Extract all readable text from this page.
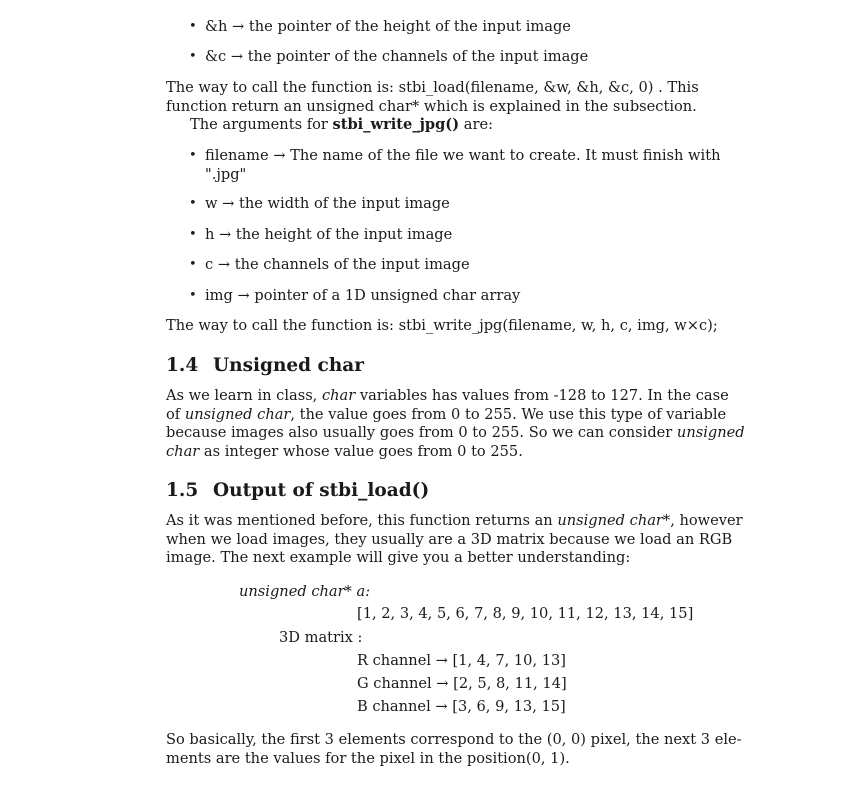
• &h → the pointer of the height of the input image
• &c → the pointer of the channels of the input image
The way to call the function is: stbi_load(filename, &w, &h, &c, 0) . This
function return an unsigned char* which is explained in the subsection.
The arguments for stbi_write_jpg() are:
• filename → The name of the file we want to create. It must finish with
".jpg"
• w → the width of the input image
• h → the height of the input image
• c → the channels of the input image
• img → pointer of a 1D unsigned char array
The way to call the function is: stbi_write_jpg(filename, w, h, c, img, w×c);
1.4 Unsigned char
As we learn in class, char variables has values from -128 to 127. In the case
of unsigned char, the value goes from 0 to 255. We use this type of variable
because images also usually goes from 0 to 255. So we can consider unsigned
char as integer whose value goes from 0 to 255.
1.5 Output of stbi_load()
As it was mentioned before, this function returns an unsigned char*, however
when we load images, they usually are a 3D matrix because we load an RGB
image. The next example will give you a better understanding:
unsigned char* a:
[1, 2, 3, 4, 5, 6, 7, 8, 9, 10, 11, 12, 13, 14, 15]
3D matrix :
R channel → [1, 4, 7, 10, 13]
G channel → [2, 5, 8, 11, 14]
B channel → [3, 6, 9, 13, 15]
So basically, the first 3 elements correspond to the (0, 0) pixel, the next 3 ele-
ments are the values for the pixel in the position(0, 1).
